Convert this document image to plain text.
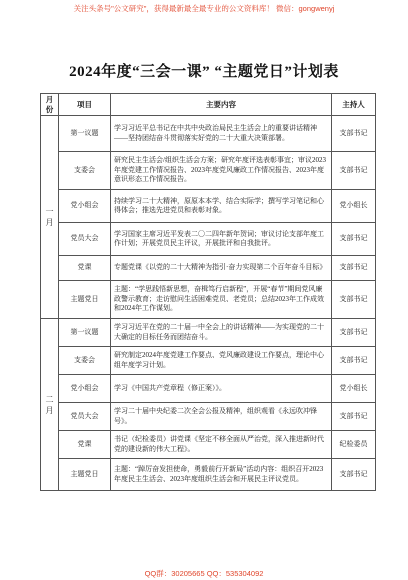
关注头条号"公文研究"，获得最新最全最专业的公文资料库！ 微信：gongwenyj
2024年度“三会一课” “主题党日”计划表
月份	项目	主要内容	主持人
一月	第一议题	学习习近平总书记在中共中央政治局民主生活会上的重要讲话精神——坚持团结奋斗贯彻落实好党的二十大重大决策部署。	支部书记
	支委会	研究民主生活会/组织生活会方案；研究年度评选表彰事宜；审议2023年度党建工作情况报告、2023年度党风廉政工作情况报告、2023年度意识形态工作情况报告。	支部书记
	党小组会	持续学习二十大精神，原原本本学、结合实际学；撰写学习笔记和心得体会；推选先进党员和表彰对象。	党小组长
	党员大会	学习国家主席习近平发表二〇二四年新年贺词；审议讨论支部年度工作计划；开展党员民主评议，开展批评和自我批评。	支部书记
	党课	专题党课《以党的二十大精神为指引·奋力实现第二个百年奋斗目标》	支部书记
	主题党日	主题：“学思践悟新思想，奋楫笃行启新程”，开展“春节”期间党风廉政警示教育；走访慰问生活困难党员、老党员；总结2023年工作成效和2024年工作谋划。	支部书记
二月	第一议题	学习习近平在党的二十届一中全会上的讲话精神——为实现党的二十大确定的目标任务而团结奋斗。	支部书记
	支委会	研究制定2024年度党建工作要点、党风廉政建设工作要点，理论中心组年度学习计划。	支部书记
	党小组会	学习《中国共产党章程（修正案）》。	党小组长
	党员大会	学习二十届中央纪委二次全会公报及精神，组织观看《永远吹冲锋号》。	支部书记
	党课	书记（纪检委员）讲党课《坚定不移全面从严治党，深入推进新时代党的建设新的伟大工程》。	纪检委员
	主题党日	主题：“踔厉奋发担使命，勇毅前行开新局”活动内容：组织召开2023年度民主生活会、2023年度组织生活会和开展民主评议党员。	支部书记
QQ群：30205665 QQ：535304092
